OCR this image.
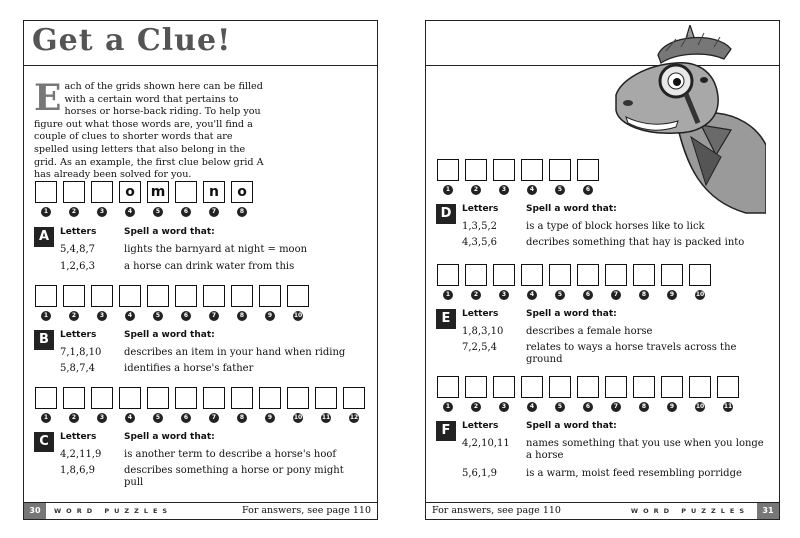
Get a Clue!
Each of the grids shown here can be filled with a certain word that pertains to horses or horse-back riding. To help you figure out what those words are, you'll find a couple of clues to shorter words that are spelled using letters that also belong in the grid. As an example, the first clue below grid A has already been solved for you.
1	2	3
o
4
m
5	6
n
7
o
8
A	Letters	Spell a word that:
5,4,8,7	lights the barnyard at night = moon
1,2,6,3	a horse can drink water from this
1	2	3	4	5	6	7	8	9	10
B	Letters	Spell a word that:
7,1,8,10 describes an item in your hand when riding
5,8,7,4	identifies a horse's father
1	2	3	4	5	6	7	8	9	10	11	12
C	Letters	Spell a word that:
4,2,11,9 is another term to describe a horse's hoof
1,8,6,9	describes something a horse or pony might pull
30	WORD PUZZLES	For answers, see page 110
1	2	3	4	5	6
D	Letters	Spell a word that:
1,3,5,2	is a type of block horses like to lick
4,3,5,6	decribes something that hay is packed into
1	2	3	4	5	6	7	8	9	10
E	Letters	Spell a word that:
1,8,3,10 describes a female horse
7,2,5,4	relates to ways a horse travels across the ground
1	2	3	4	5	6	7	8	9	10	11
F	Letters	Spell a word that:
4,2,10,11 names something that you use when you longe a horse
5,6,1,9	is a warm, moist feed resembling porridge
For answers, see page 110	WORD PUZZLES	31
